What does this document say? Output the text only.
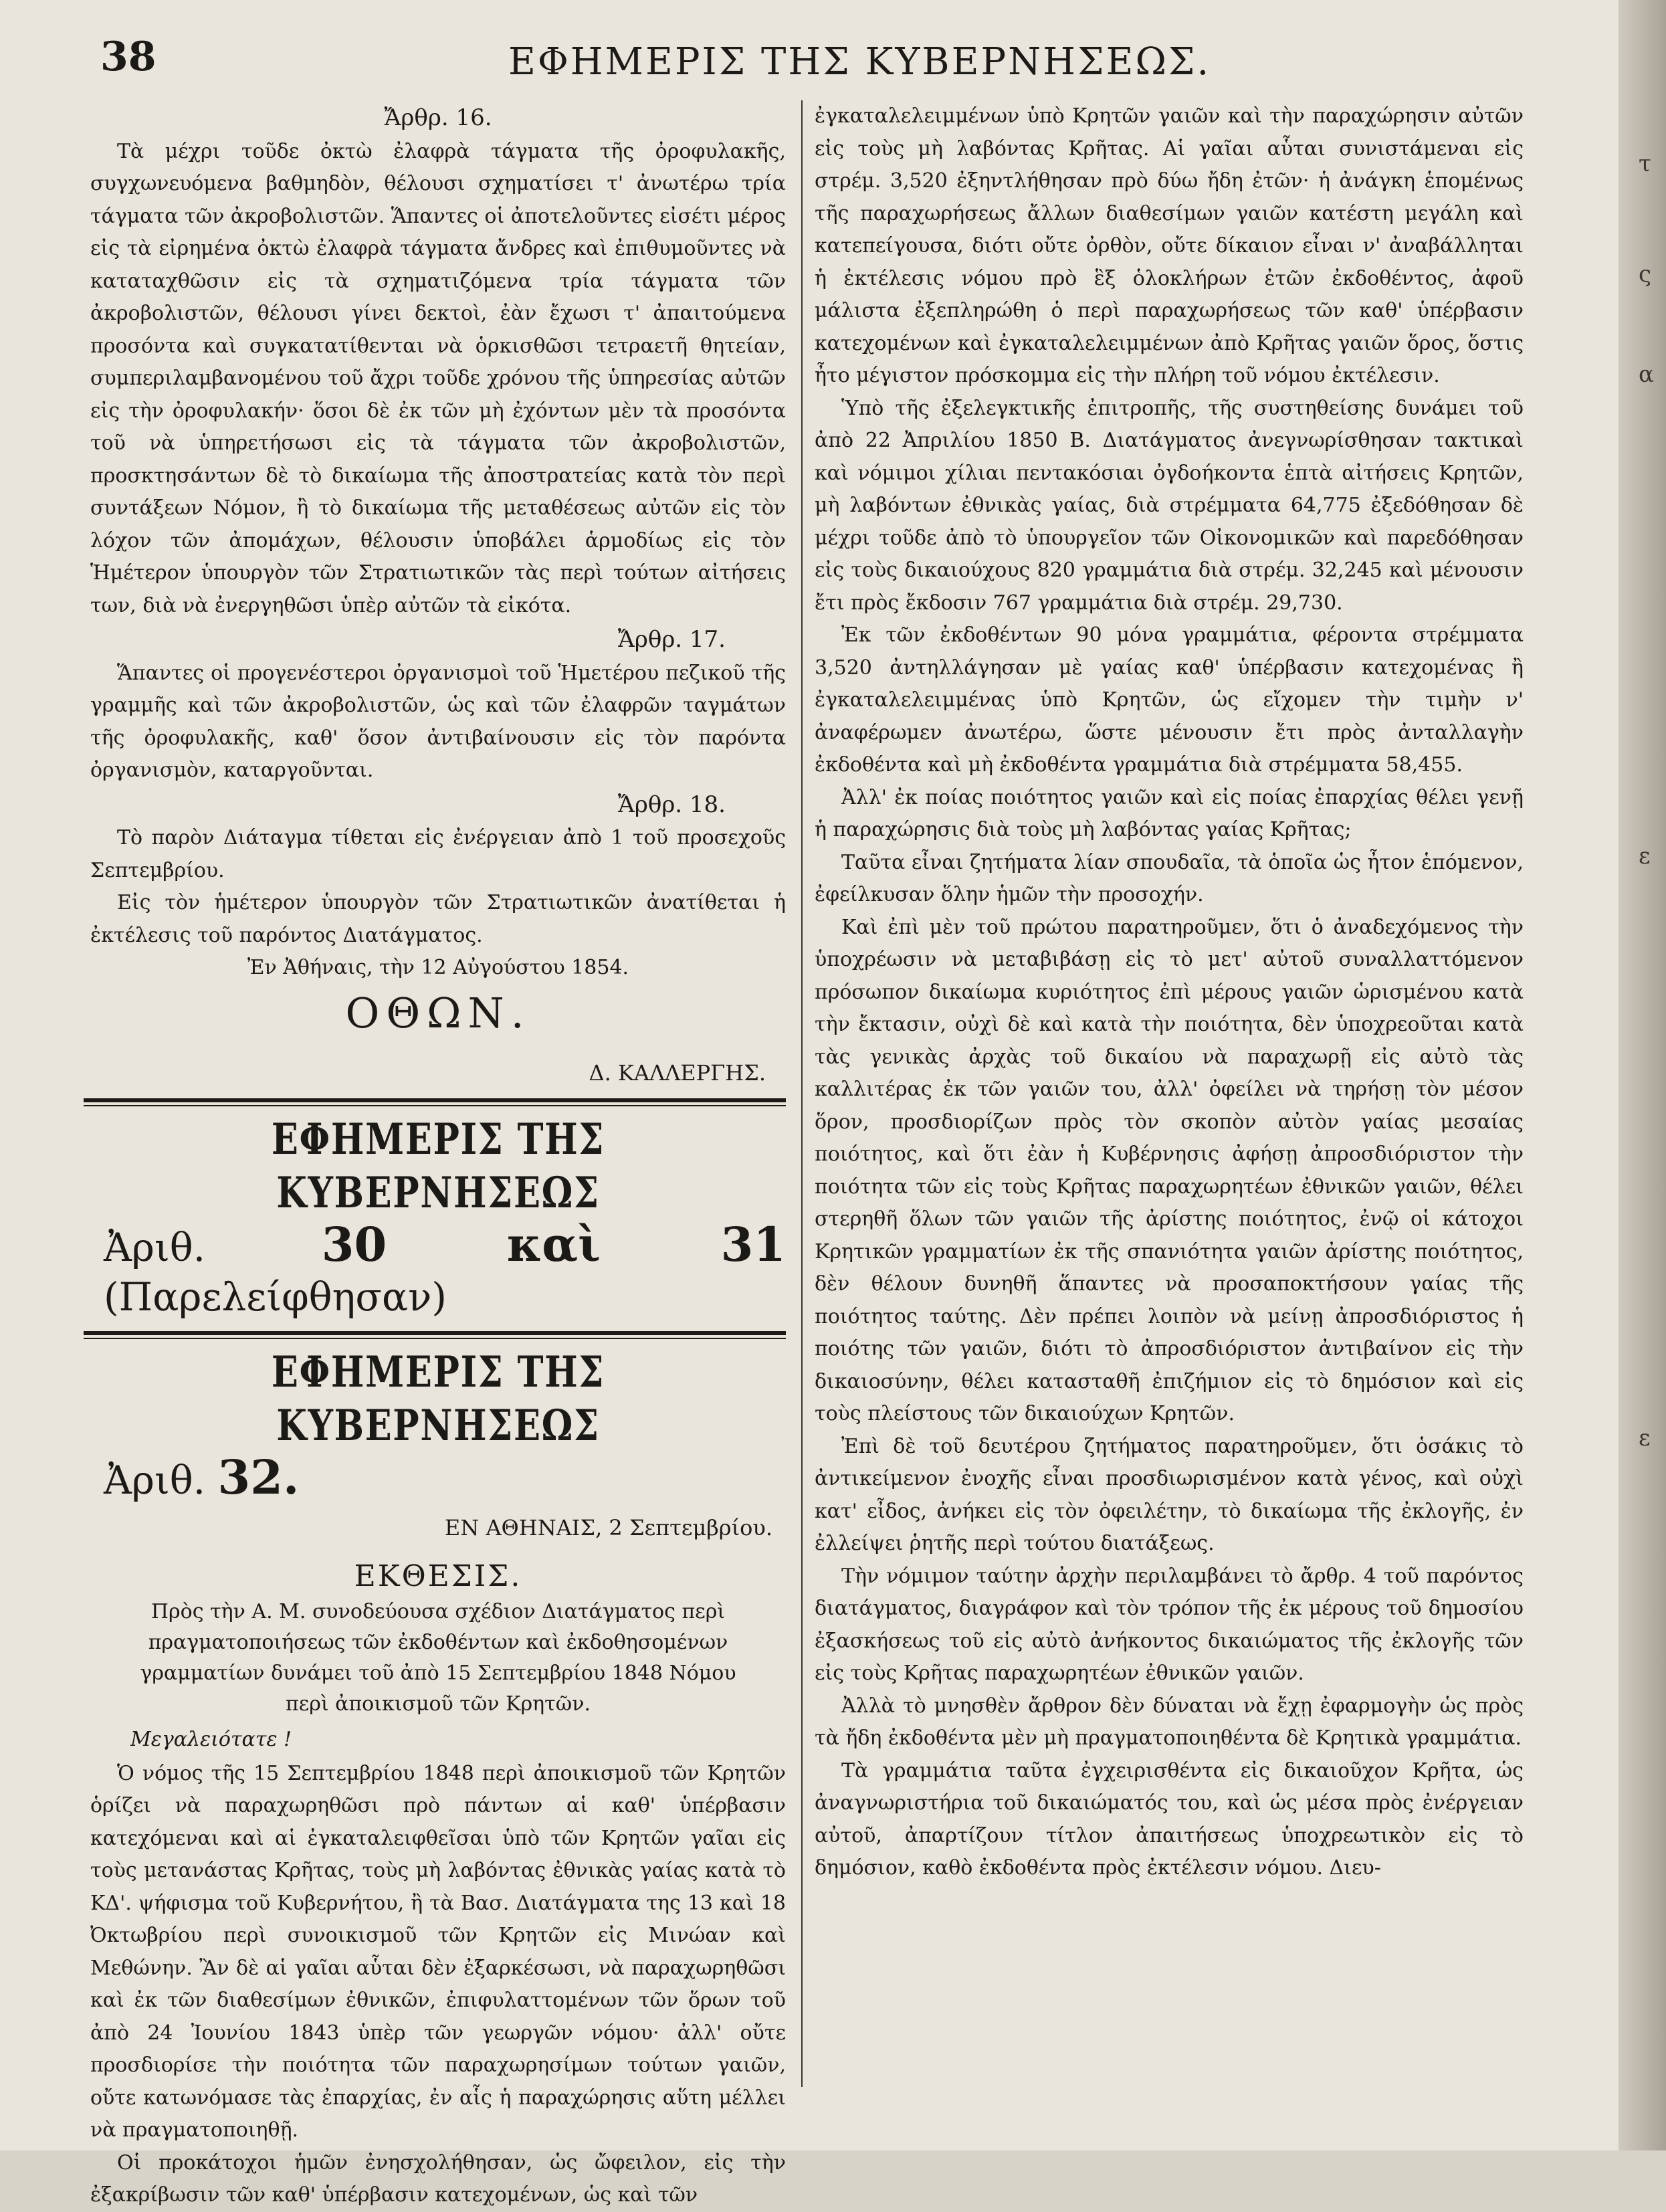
38	ΕΦΗΜΕΡΙΣ ΤΗΣ ΚΥΒΕΡΝΗΣΕΩΣ.

Ἄρθρ. 16.

Τὰ μέχρι τοῦδε ὀκτὼ ἐλαφρὰ τάγματα τῆς ὀροφυλακῆς, συγχωνευόμενα βαθμηδὸν, θέλουσι σχηματίσει τ' ἀνωτέρω τρία τάγματα τῶν ἀκροβολιστῶν. Ἅπαντες οἱ ἀποτελοῦντες εἰσέτι μέρος εἰς τὰ εἰρημένα ὀκτὼ ἐλαφρὰ τάγματα ἄνδρες καὶ ἐπιθυμοῦντες νὰ καταταχθῶσιν εἰς τὰ σχηματιζόμενα τρία τάγματα τῶν ἀκροβολιστῶν, θέλουσι γίνει δεκτοὶ, ἐὰν ἔχωσι τ' ἀπαιτούμενα προσόντα καὶ συγκατατίθενται νὰ ὁρκισθῶσι τετραετῆ θητείαν, συμπεριλαμβανομένου τοῦ ἄχρι τοῦδε χρόνου τῆς ὑπηρεσίας αὐτῶν εἰς τὴν ὀροφυλακήν· ὅσοι δὲ ἐκ τῶν μὴ ἐχόντων μὲν τὰ προσόντα τοῦ νὰ ὑπηρετήσωσι εἰς τὰ τάγματα τῶν ἀκροβολιστῶν, προσκτησάντων δὲ τὸ δικαίωμα τῆς ἀποστρατείας κατὰ τὸν περὶ συντάξεων Νόμον, ἢ τὸ δικαίωμα τῆς μεταθέσεως αὐτῶν εἰς τὸν λόχον τῶν ἀπομάχων, θέλουσιν ὑποβάλει ἁρμοδίως εἰς τὸν Ἡμέτερον ὑπουργὸν τῶν Στρατιωτικῶν τὰς περὶ τούτων αἰτήσεις των, διὰ νὰ ἐνεργηθῶσι ὑπὲρ αὐτῶν τὰ εἰκότα.

Ἄρθρ. 17.

Ἅπαντες οἱ προγενέστεροι ὀργανισμοὶ τοῦ Ἡμετέρου πεζικοῦ τῆς γραμμῆς καὶ τῶν ἀκροβολιστῶν, ὡς καὶ τῶν ἐλαφρῶν ταγμάτων τῆς ὀροφυλακῆς, καθ' ὅσον ἀντιβαίνουσιν εἰς τὸν παρόντα ὀργανισμὸν, καταργοῦνται.

Ἄρθρ. 18.

Τὸ παρὸν Διάταγμα τίθεται εἰς ἐνέργειαν ἀπὸ 1 τοῦ προσεχοῦς Σεπτεμβρίου.

Εἰς τὸν ἡμέτερον ὑπουργὸν τῶν Στρατιωτικῶν ἀνατίθεται ἡ ἐκτέλεσις τοῦ παρόντος Διατάγματος.

Ἐν Ἀθήναις, τὴν 12 Αὐγούστου 1854.

ΟΘΩΝ.

Δ. ΚΑΛΛΕΡΓΗΣ.

ΕΦΗΜΕΡΙΣ ΤΗΣ ΚΥΒΕΡΝΗΣΕΩΣ

Ἀριθ. 30 καὶ 31 (Παρελείφθησαν)

ΕΦΗΜΕΡΙΣ ΤΗΣ ΚΥΒΕΡΝΗΣΕΩΣ

Ἀριθ. 32.

ΕΝ ΑΘΗΝΑΙΣ, 2 Σεπτεμβρίου.

ΕΚΘΕΣΙΣ.

Πρὸς τὴν Α. Μ. συνοδεύουσα σχέδιον Διατάγματος περὶ πραγματοποιήσεως τῶν ἐκδοθέντων καὶ ἐκδοθησομένων γραμματίων δυνάμει τοῦ ἀπὸ 15 Σεπτεμβρίου 1848 Νόμου περὶ ἀποικισμοῦ τῶν Κρητῶν.

Μεγαλειότατε !

Ὁ νόμος τῆς 15 Σεπτεμβρίου 1848 περὶ ἀποικισμοῦ τῶν Κρητῶν ὁρίζει νὰ παραχωρηθῶσι πρὸ πάντων αἱ καθ' ὑπέρβασιν κατεχόμεναι καὶ αἱ ἐγκαταλειφθεῖσαι ὑπὸ τῶν Κρητῶν γαῖαι εἰς τοὺς μετανάστας Κρῆτας, τοὺς μὴ λαβόντας ἐθνικὰς γαίας κατὰ τὸ ΚΔ'. ψήφισμα τοῦ Κυβερνήτου, ἢ τὰ Βασ. Διατάγματα της 13 καὶ 18 Ὀκτωβρίου περὶ συνοικισμοῦ τῶν Κρητῶν εἰς Μινώαν καὶ Μεθώνην. Ἂν δὲ αἱ γαῖαι αὗται δὲν ἐξαρκέσωσι, νὰ παραχωρηθῶσι καὶ ἐκ τῶν διαθεσίμων ἐθνικῶν, ἐπιφυλαττομένων τῶν ὅρων τοῦ ἀπὸ 24 Ἰουνίου 1843 ὑπὲρ τῶν γεωργῶν νόμου· ἀλλ' οὔτε προσδιορίσε τὴν ποιότητα τῶν παραχωρησίμων τούτων γαιῶν, οὔτε κατωνόμασε τὰς ἐπαρχίας, ἐν αἷς ἡ παραχώρησις αὕτη μέλλει νὰ πραγματοποιηθῇ.

Οἱ προκάτοχοι ἡμῶν ἐνησχολήθησαν, ὡς ὤφειλον, εἰς τὴν ἐξακρίβωσιν τῶν καθ' ὑπέρβασιν κατεχομένων, ὡς καὶ τῶν

ἐγκαταλελειμμένων ὑπὸ Κρητῶν γαιῶν καὶ τὴν παραχώρησιν αὐτῶν εἰς τοὺς μὴ λαβόντας Κρῆτας. Αἱ γαῖαι αὗται συνιστάμεναι εἰς στρέμ. 3,520 ἐξηντλήθησαν πρὸ δύω ἤδη ἐτῶν· ἡ ἀνάγκη ἑπομένως τῆς παραχωρήσεως ἄλλων διαθεσίμων γαιῶν κατέστη μεγάλη καὶ κατεπείγουσα, διότι οὔτε ὀρθὸν, οὔτε δίκαιον εἶναι ν' ἀναβάλληται ἡ ἐκτέλεσις νόμου πρὸ ἓξ ὁλοκλήρων ἐτῶν ἐκδοθέντος, ἀφοῦ μάλιστα ἐξεπληρώθη ὁ περὶ παραχωρήσεως τῶν καθ' ὑπέρβασιν κατεχομένων καὶ ἐγκαταλελειμμένων ἀπὸ Κρῆτας γαιῶν ὅρος, ὅστις ἦτο μέγιστον πρόσκομμα εἰς τὴν πλήρη τοῦ νόμου ἐκτέλεσιν.

Ὑπὸ τῆς ἐξελεγκτικῆς ἐπιτροπῆς, τῆς συστηθείσης δυνάμει τοῦ ἀπὸ 22 Ἀπριλίου 1850 Β. Διατάγματος ἀνεγνωρίσθησαν τακτικαὶ καὶ νόμιμοι χίλιαι πεντακόσιαι ὀγδοήκοντα ἑπτὰ αἰτήσεις Κρητῶν, μὴ λαβόντων ἐθνικὰς γαίας, διὰ στρέμματα 64,775 ἐξεδόθησαν δὲ μέχρι τοῦδε ἀπὸ τὸ ὑπουργεῖον τῶν Οἰκονομικῶν καὶ παρεδόθησαν εἰς τοὺς δικαιούχους 820 γραμμάτια διὰ στρέμ. 32,245 καὶ μένουσιν ἔτι πρὸς ἔκδοσιν 767 γραμμάτια διὰ στρέμ. 29,730.

Ἐκ τῶν ἐκδοθέντων 90 μόνα γραμμάτια, φέροντα στρέμματα 3,520 ἀντηλλάγησαν μὲ γαίας καθ' ὑπέρβασιν κατεχομένας ἢ ἐγκαταλελειμμένας ὑπὸ Κρητῶν, ὡς εἴχομεν τὴν τιμὴν ν' ἀναφέρωμεν ἀνωτέρω, ὥστε μένουσιν ἔτι πρὸς ἀνταλλαγὴν ἐκδοθέντα καὶ μὴ ἐκδοθέντα γραμμάτια διὰ στρέμματα 58,455.

Ἀλλ' ἐκ ποίας ποιότητος γαιῶν καὶ εἰς ποίας ἐπαρχίας θέλει γενῇ ἡ παραχώρησις διὰ τοὺς μὴ λαβόντας γαίας Κρῆτας;

Ταῦτα εἶναι ζητήματα λίαν σπουδαῖα, τὰ ὁποῖα ὡς ἦτον ἑπόμενον, ἐφείλκυσαν ὅλην ἡμῶν τὴν προσοχήν.

Καὶ ἐπὶ μὲν τοῦ πρώτου παρατηροῦμεν, ὅτι ὁ ἀναδεχόμενος τὴν ὑποχρέωσιν νὰ μεταβιβάσῃ εἰς τὸ μετ' αὐτοῦ συναλλαττόμενον πρόσωπον δικαίωμα κυριότητος ἐπὶ μέρους γαιῶν ὡρισμένου κατὰ τὴν ἔκτασιν, οὐχὶ δὲ καὶ κατὰ τὴν ποιότητα, δὲν ὑποχρεοῦται κατὰ τὰς γενικὰς ἀρχὰς τοῦ δικαίου νὰ παραχωρῇ εἰς αὐτὸ τὰς καλλιτέρας ἐκ τῶν γαιῶν του, ἀλλ' ὀφείλει νὰ τηρήσῃ τὸν μέσον ὅρον, προσδιορίζων πρὸς τὸν σκοπὸν αὐτὸν γαίας μεσαίας ποιότητος, καὶ ὅτι ἐὰν ἡ Κυβέρνησις ἀφήσῃ ἀπροσδιόριστον τὴν ποιότητα τῶν εἰς τοὺς Κρῆτας παραχωρητέων ἐθνικῶν γαιῶν, θέλει στερηθῆ ὅλων τῶν γαιῶν τῆς ἀρίστης ποιότητος, ἐνῷ οἱ κάτοχοι Κρητικῶν γραμματίων ἐκ τῆς σπανιότητα γαιῶν ἀρίστης ποιότητος, δὲν θέλουν δυνηθῆ ἅπαντες νὰ προσαποκτήσουν γαίας τῆς ποιότητος ταύτης. Δὲν πρέπει λοιπὸν νὰ μείνῃ ἀπροσδιόριστος ἡ ποιότης τῶν γαιῶν, διότι τὸ ἀπροσδιόριστον ἀντιβαίνον εἰς τὴν δικαιοσύνην, θέλει κατασταθῆ ἐπιζήμιον εἰς τὸ δημόσιον καὶ εἰς τοὺς πλείστους τῶν δικαιούχων Κρητῶν.

Ἐπὶ δὲ τοῦ δευτέρου ζητήματος παρατηροῦμεν, ὅτι ὁσάκις τὸ ἀντικείμενον ἐνοχῆς εἶναι προσδιωρισμένον κατὰ γένος, καὶ οὐχὶ κατ' εἶδος, ἀνήκει εἰς τὸν ὀφειλέτην, τὸ δικαίωμα τῆς ἐκλογῆς, ἐν ἐλλείψει ῥητῆς περὶ τούτου διατάξεως.

Τὴν νόμιμον ταύτην ἀρχὴν περιλαμβάνει τὸ ἄρθρ. 4 τοῦ παρόντος διατάγματος, διαγράφον καὶ τὸν τρόπον τῆς ἐκ μέρους τοῦ δημοσίου ἐξασκήσεως τοῦ εἰς αὐτὸ ἀνήκοντος δικαιώματος τῆς ἐκλογῆς τῶν εἰς τοὺς Κρῆτας παραχωρητέων ἐθνικῶν γαιῶν.

Ἀλλὰ τὸ μνησθὲν ἄρθρον δὲν δύναται νὰ ἔχῃ ἐφαρμογὴν ὡς πρὸς τὰ ἤδη ἐκδοθέντα μὲν μὴ πραγματοποιηθέντα δὲ Κρητικὰ γραμμάτια.

Τὰ γραμμάτια ταῦτα ἐγχειρισθέντα εἰς δικαιοῦχον Κρῆτα, ὡς ἀναγνωριστήρια τοῦ δικαιώματός του, καὶ ὡς μέσα πρὸς ἐνέργειαν αὐτοῦ, ἀπαρτίζουν τίτλον ἀπαιτήσεως ὑποχρεωτικὸν εἰς τὸ δημόσιον, καθὸ ἐκδοθέντα πρὸς ἐκτέλεσιν νόμου. Διευ-

τ
ς
α
ε
ε
